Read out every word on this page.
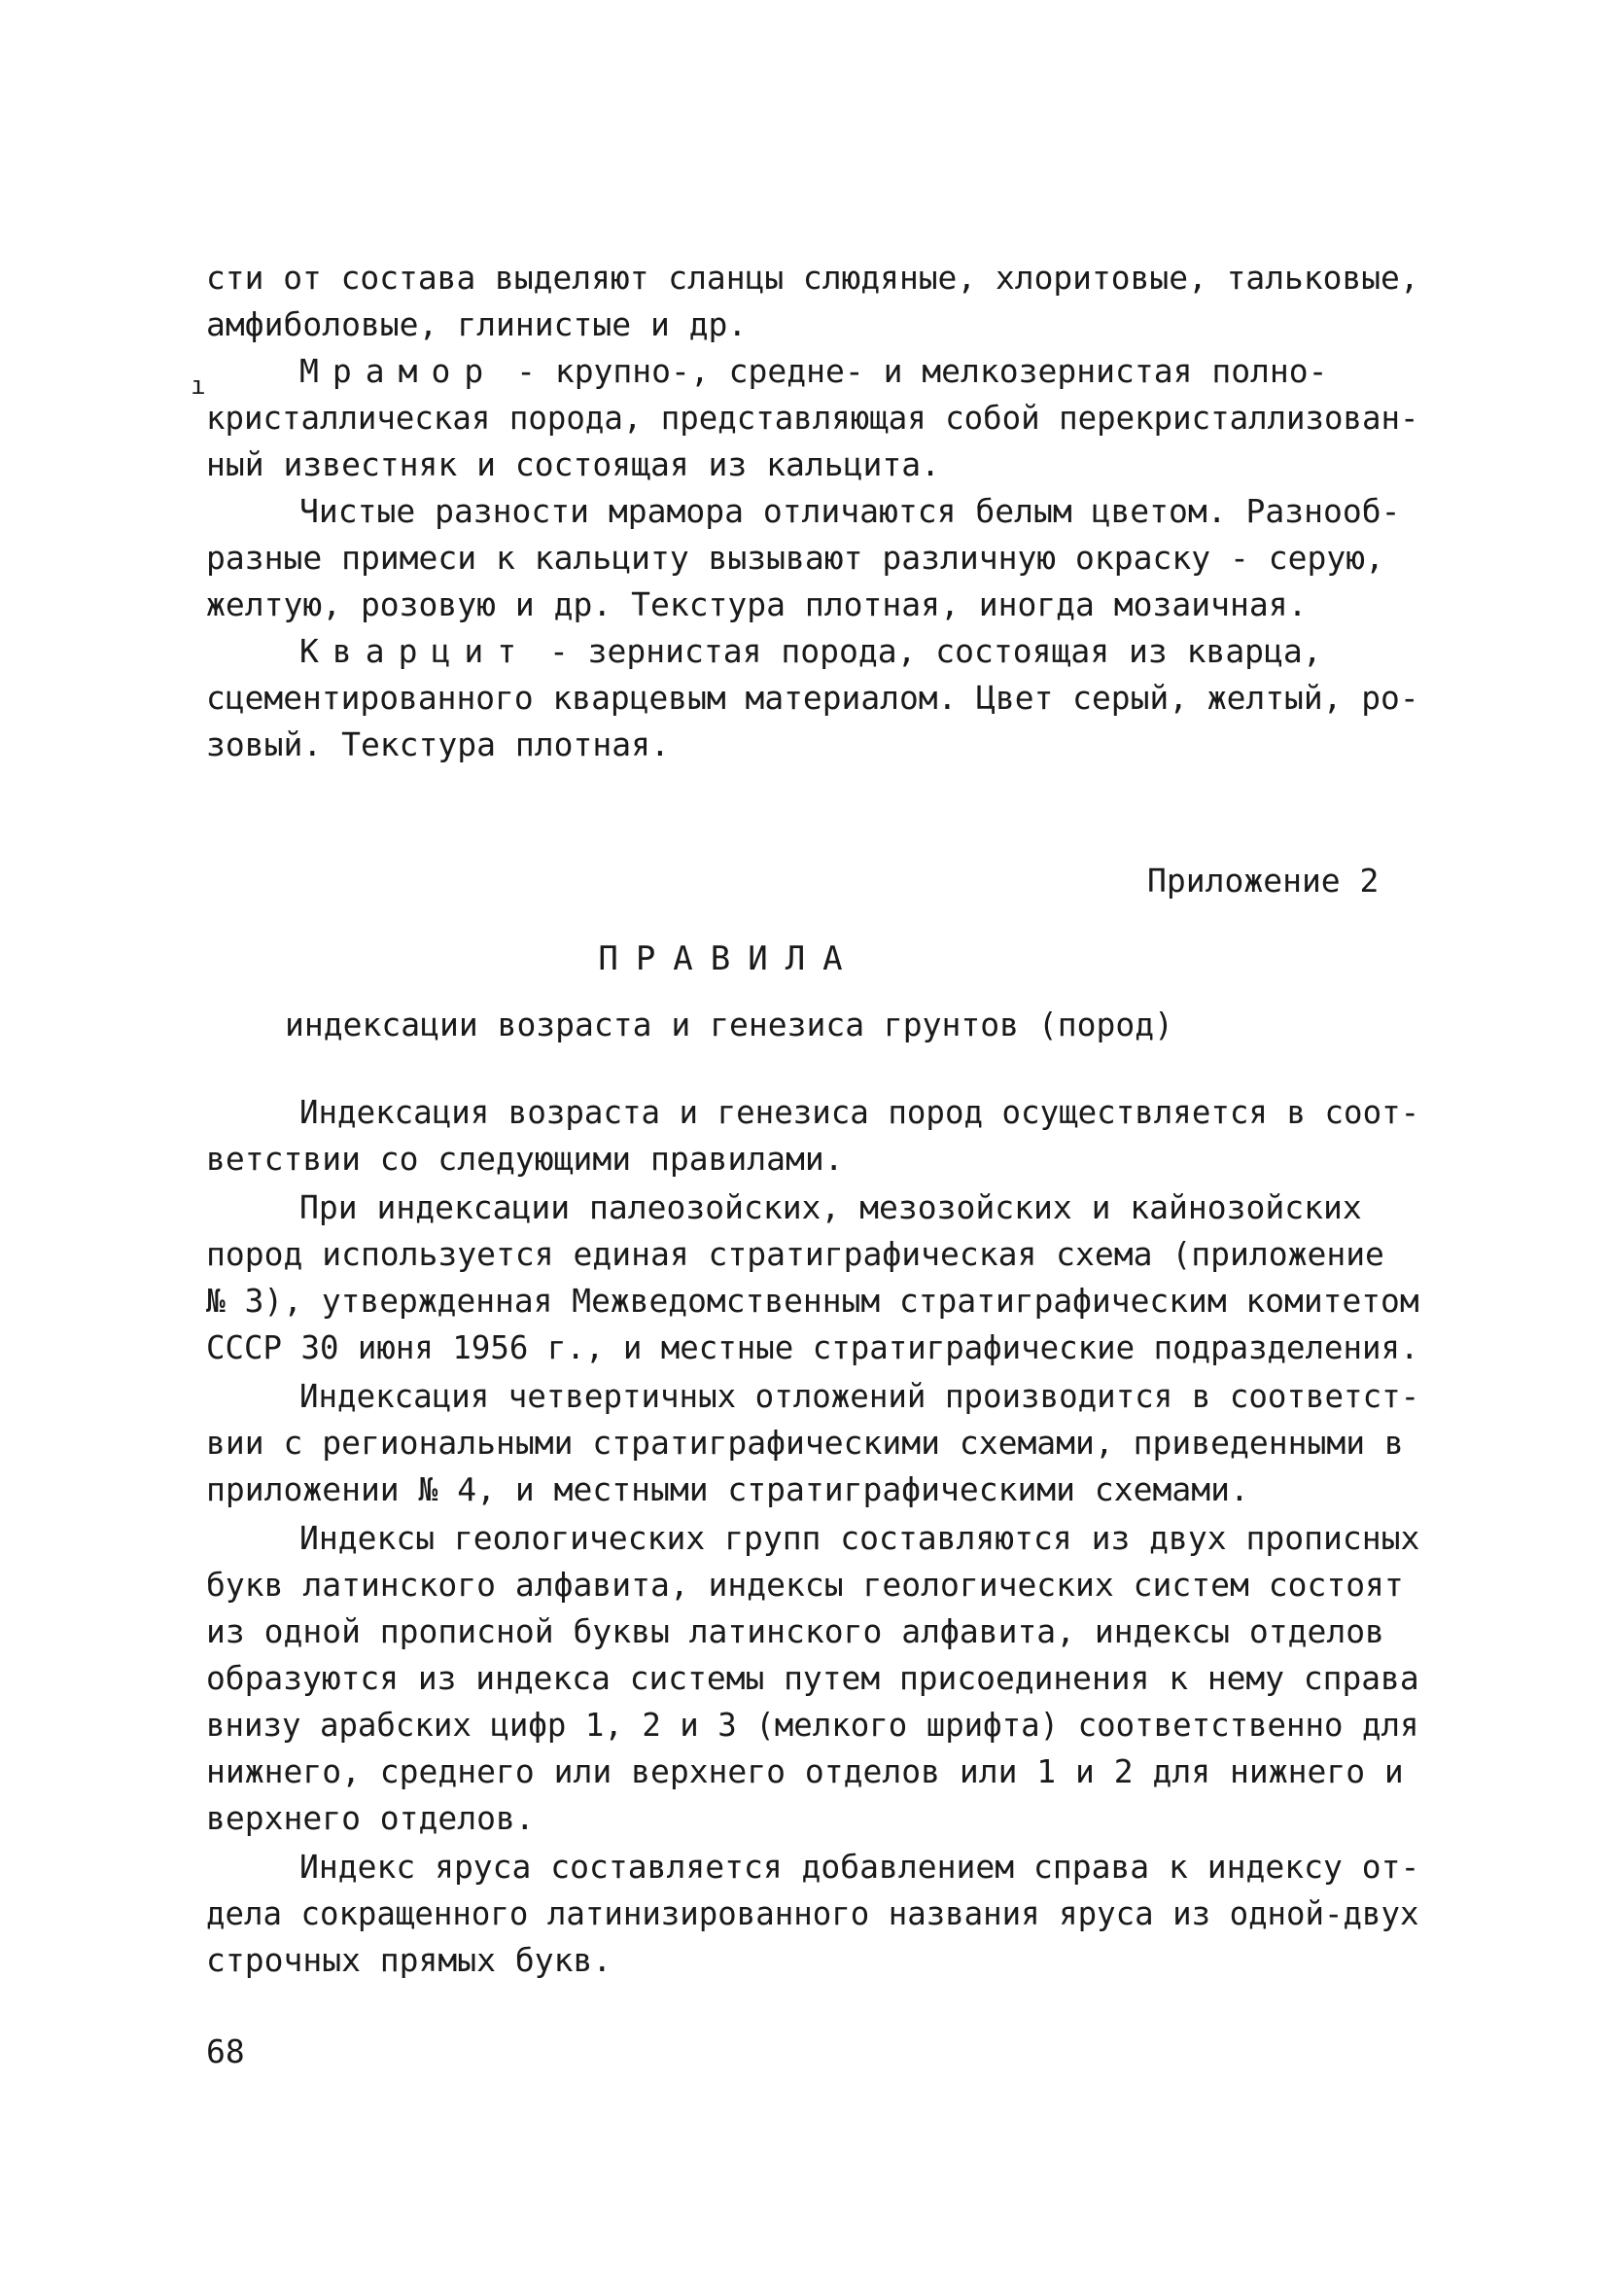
сти от состава выделяют сланцы слюдяные, хлоритовые, тальковые,
амфиболовые, глинистые и др.
ı	Мрамор - крупно-, средне- и мелкозернистая полно-
кристаллическая порода, представляющая собой перекристаллизован-
ный известняк и состоящая из кальцита.
Чистые разности мрамора отличаются белым цветом. Разнооб-
разные примеси к кальциту вызывают различную окраску - серую,
желтую, розовую и др. Текстура плотная, иногда мозаичная.
Кварцит - зернистая порода, состоящая из кварца,
сцементированного кварцевым материалом. Цвет серый, желтый, ро-
зовый. Текстура плотная.
Приложение 2
ПРАВИЛА
индексации возраста и генезиса грунтов (пород)
Индексация возраста и генезиса пород осуществляется в соот-
ветствии со следующими правилами.
При индексации палеозойских, мезозойских и кайнозойских
пород используется единая стратиграфическая схема (приложение
№ 3), утвержденная Межведомственным стратиграфическим комитетом
СССР 30 июня 1956 г., и местные стратиграфические подразделения.
Индексация четвертичных отложений производится в соответст-
вии с региональными стратиграфическими схемами, приведенными в
приложении № 4, и местными стратиграфическими схемами.
Индексы геологических групп составляются из двух прописных
букв латинского алфавита, индексы геологических систем состоят
из одной прописной буквы латинского алфавита, индексы отделов
образуются из индекса системы путем присоединения к нему справа
внизу арабских цифр 1, 2 и 3 (мелкого шрифта) соответственно для
нижнего, среднего или верхнего отделов или 1 и 2 для нижнего и
верхнего отделов.
Индекс яруса составляется добавлением справа к индексу от-
дела сокращенного латинизированного названия яруса из одной-двух
строчных прямых букв.
68
